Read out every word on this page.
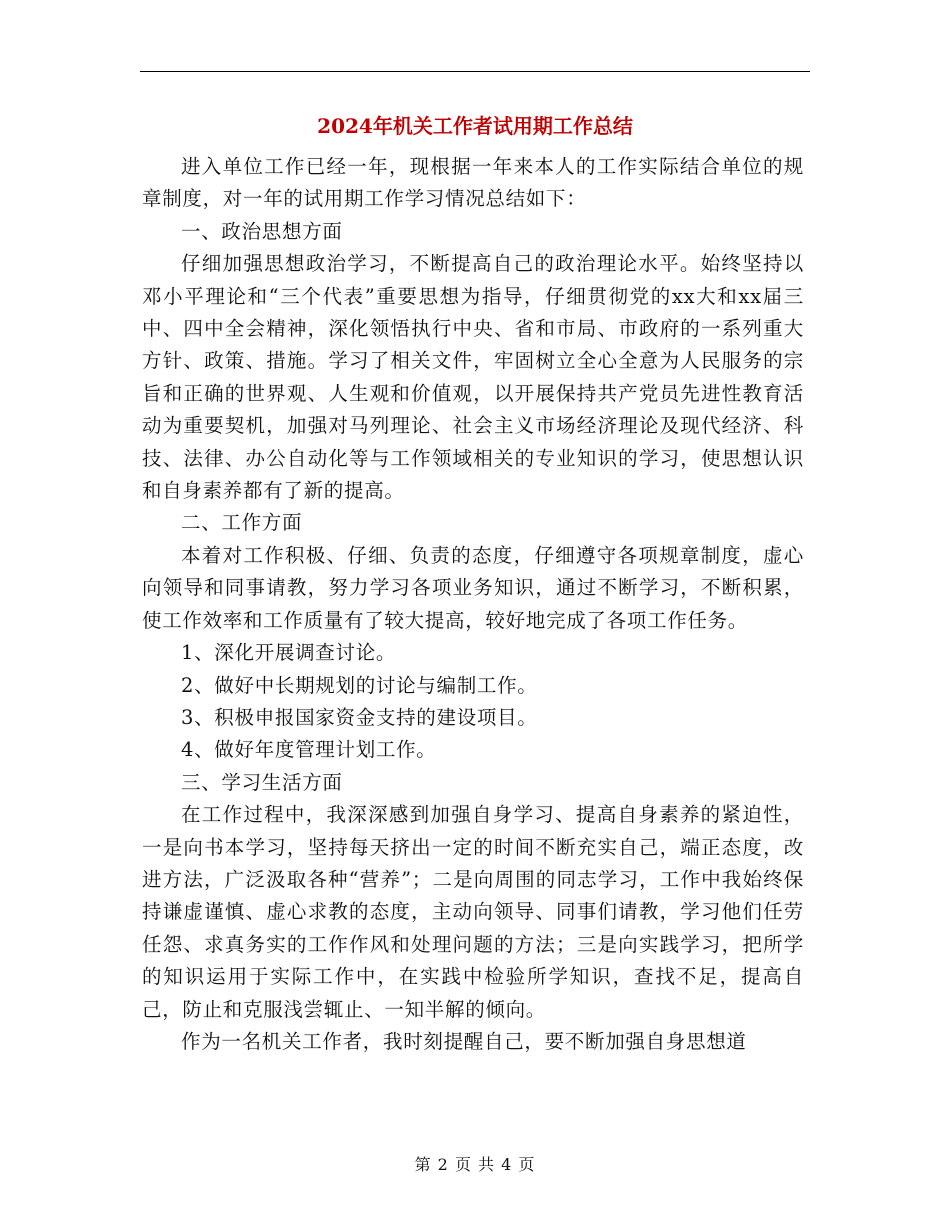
2024年机关工作者试用期工作总结

进入单位工作已经一年，现根据一年来本人的工作实际结合单位的规章制度，对一年的试用期工作学习情况总结如下：

一、政治思想方面

仔细加强思想政治学习，不断提高自己的政治理论水平。始终坚持以邓小平理论和“三个代表”重要思想为指导，仔细贯彻党的xx大和xx届三中、四中全会精神，深化领悟执行中央、省和市局、市政府的一系列重大方针、政策、措施。学习了相关文件，牢固树立全心全意为人民服务的宗旨和正确的世界观、人生观和价值观，以开展保持共产党员先进性教育活动为重要契机，加强对马列理论、社会主义市场经济理论及现代经济、科技、法律、办公自动化等与工作领域相关的专业知识的学习，使思想认识和自身素养都有了新的提高。

二、工作方面

本着对工作积极、仔细、负责的态度，仔细遵守各项规章制度，虚心向领导和同事请教，努力学习各项业务知识，通过不断学习，不断积累，使工作效率和工作质量有了较大提高，较好地完成了各项工作任务。

1、深化开展调查讨论。

2、做好中长期规划的讨论与编制工作。

3、积极申报国家资金支持的建设项目。

4、做好年度管理计划工作。

三、学习生活方面

在工作过程中，我深深感到加强自身学习、提高自身素养的紧迫性，一是向书本学习，坚持每天挤出一定的时间不断充实自己，端正态度，改进方法，广泛汲取各种“营养”；二是向周围的同志学习，工作中我始终保持谦虚谨慎、虚心求教的态度，主动向领导、同事们请教，学习他们任劳任怨、求真务实的工作作风和处理问题的方法；三是向实践学习，把所学的知识运用于实际工作中，在实践中检验所学知识，查找不足，提高自己，防止和克服浅尝辄止、一知半解的倾向。

作为一名机关工作者，我时刻提醒自己，要不断加强自身思想道

第 2 页 共 4 页
